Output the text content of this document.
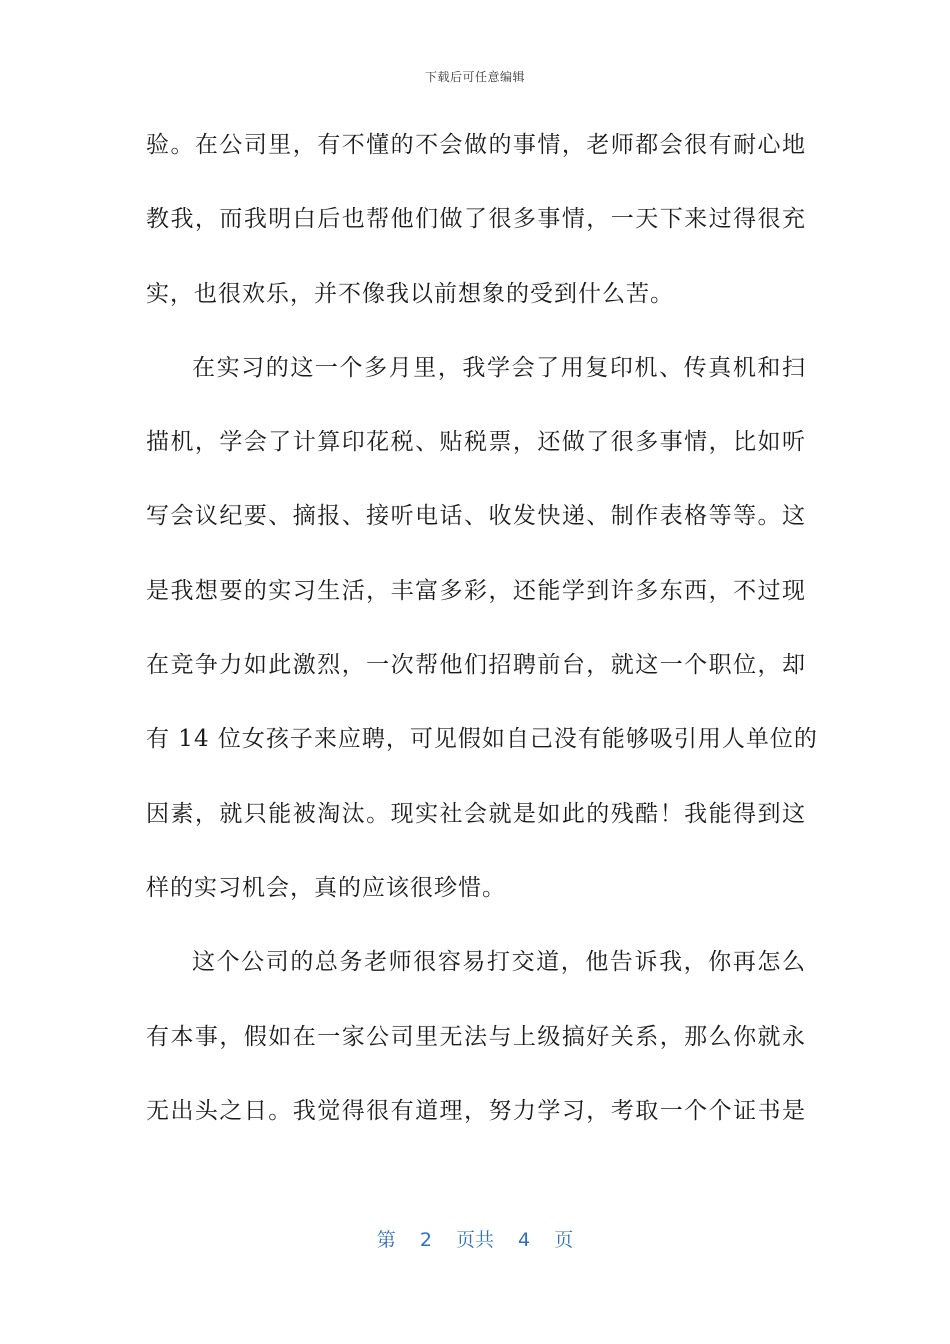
下载后可任意编辑
验。在公司里，有不懂的不会做的事情，老师都会很有耐心地
教我，而我明白后也帮他们做了很多事情，一天下来过得很充
实，也很欢乐，并不像我以前想象的受到什么苦。
在实习的这一个多月里，我学会了用复印机、传真机和扫
描机，学会了计算印花税、贴税票，还做了很多事情，比如听
写会议纪要、摘报、接听电话、收发快递、制作表格等等。这
是我想要的实习生活，丰富多彩，还能学到许多东西，不过现
在竞争力如此激烈，一次帮他们招聘前台，就这一个职位，却
有 14 位女孩子来应聘，可见假如自己没有能够吸引用人单位的
因素，就只能被淘汰。现实社会就是如此的残酷！我能得到这
样的实习机会，真的应该很珍惜。
这个公司的总务老师很容易打交道，他告诉我，你再怎么
有本事，假如在一家公司里无法与上级搞好关系，那么你就永
无出头之日。我觉得很有道理，努力学习，考取一个个证书是
第 2 页共 4 页
